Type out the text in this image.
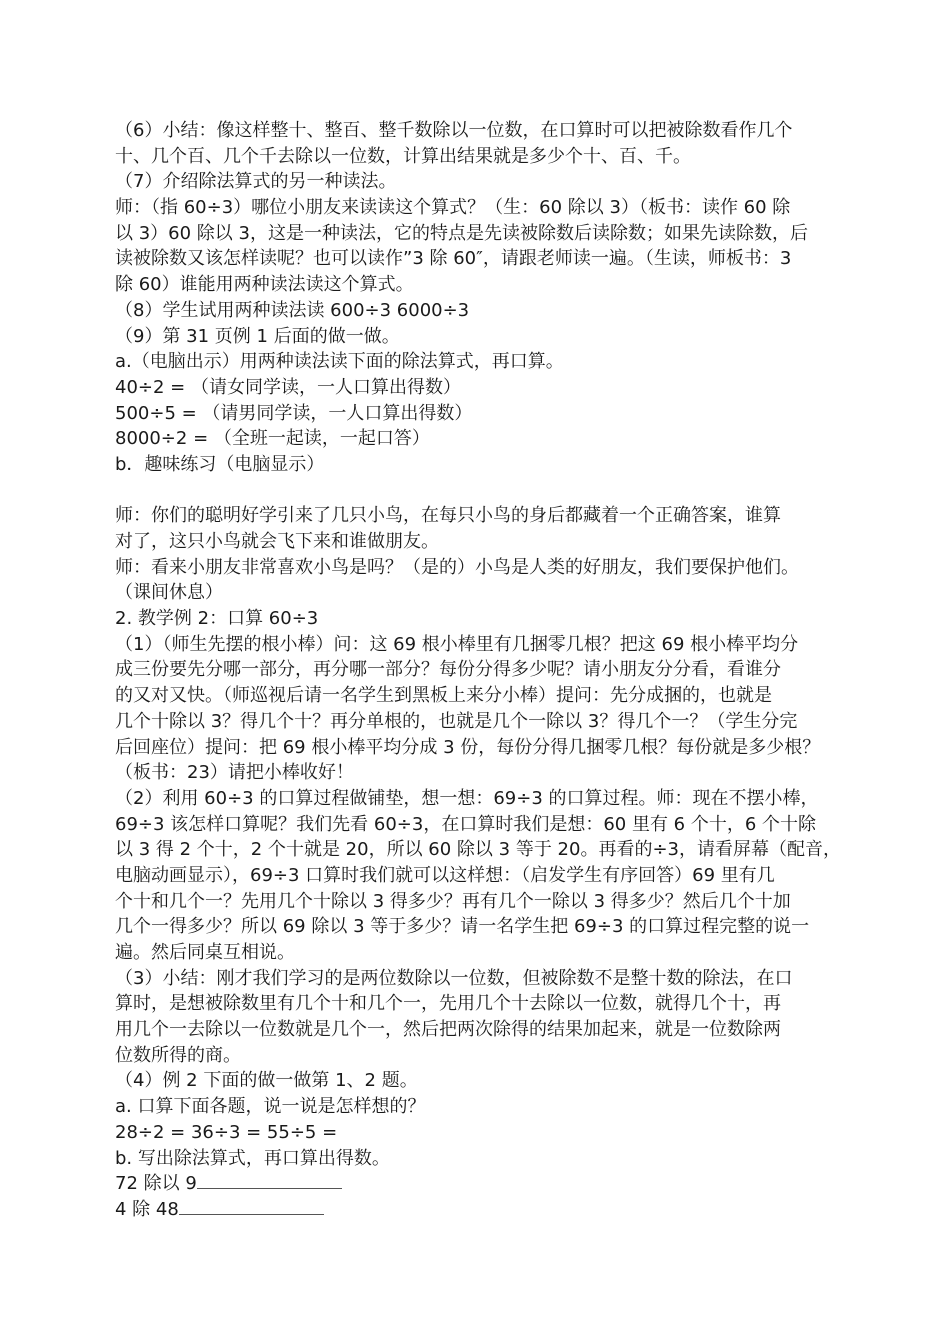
（6）小结：像这样整十、整百、整千数除以一位数，在口算时可以把被除数看作几个
十、几个百、几个千去除以一位数，计算出结果就是多少个十、百、千。
（7）介绍除法算式的另一种读法。
师：（指 60÷3）哪位小朋友来读读这个算式？（生：60 除以 3）（板书：读作 60 除
以 3）60 除以 3，这是一种读法，它的特点是先读被除数后读除数；如果先读除数，后
读被除数又该怎样读呢？也可以读作”3 除 60″，请跟老师读一遍。（生读，师板书：3
除 60）谁能用两种读法读这个算式。
（8）学生试用两种读法读 600÷3 6000÷3
（9）第 31 页例 1 后面的做一做。
a.（电脑出示）用两种读法读下面的除法算式，再口算。
40÷2 = （请女同学读，一人口算出得数）
500÷5 = （请男同学读，一人口算出得数）
8000÷2 = （全班一起读，一起口答）
b．趣味练习（电脑显示）
师：你们的聪明好学引来了几只小鸟，在每只小鸟的身后都藏着一个正确答案，谁算
对了，这只小鸟就会飞下来和谁做朋友。
师：看来小朋友非常喜欢小鸟是吗？（是的）小鸟是人类的好朋友，我们要保护他们。
（课间休息）
2. 教学例 2：口算 60÷3
（1）（师生先摆的根小棒）问：这 69 根小棒里有几捆零几根？把这 69 根小棒平均分
成三份要先分哪一部分，再分哪一部分？每份分得多少呢？请小朋友分分看，看谁分
的又对又快。（师巡视后请一名学生到黑板上来分小棒）提问：先分成捆的，也就是
几个十除以 3？得几个十？再分单根的，也就是几个一除以 3？得几个一？（学生分完
后回座位）提问：把 69 根小棒平均分成 3 份，每份分得几捆零几根？每份就是多少根？
（板书：23）请把小棒收好！
（2）利用 60÷3 的口算过程做铺垫，想一想：69÷3 的口算过程。师：现在不摆小棒，
69÷3 该怎样口算呢？我们先看 60÷3，在口算时我们是想：60 里有 6 个十，6 个十除
以 3 得 2 个十，2 个十就是 20，所以 60 除以 3 等于 20。再看的÷3，请看屏幕（配音，
电脑动画显示），69÷3 口算时我们就可以这样想：（启发学生有序回答）69 里有几
个十和几个一？先用几个十除以 3 得多少？再有几个一除以 3 得多少？然后几个十加
几个一得多少？所以 69 除以 3 等于多少？请一名学生把 69÷3 的口算过程完整的说一
遍。然后同桌互相说。
（3）小结：刚才我们学习的是两位数除以一位数，但被除数不是整十数的除法，在口
算时，是想被除数里有几个十和几个一，先用几个十去除以一位数，就得几个十，再
用几个一去除以一位数就是几个一，然后把两次除得的结果加起来，就是一位数除两
位数所得的商。
（4）例 2 下面的做一做第 1、2 题。
a. 口算下面各题，说一说是怎样想的？
28÷2 = 36÷3 = 55÷5 =
b. 写出除法算式，再口算出得数。
72 除以 9
4 除 48
